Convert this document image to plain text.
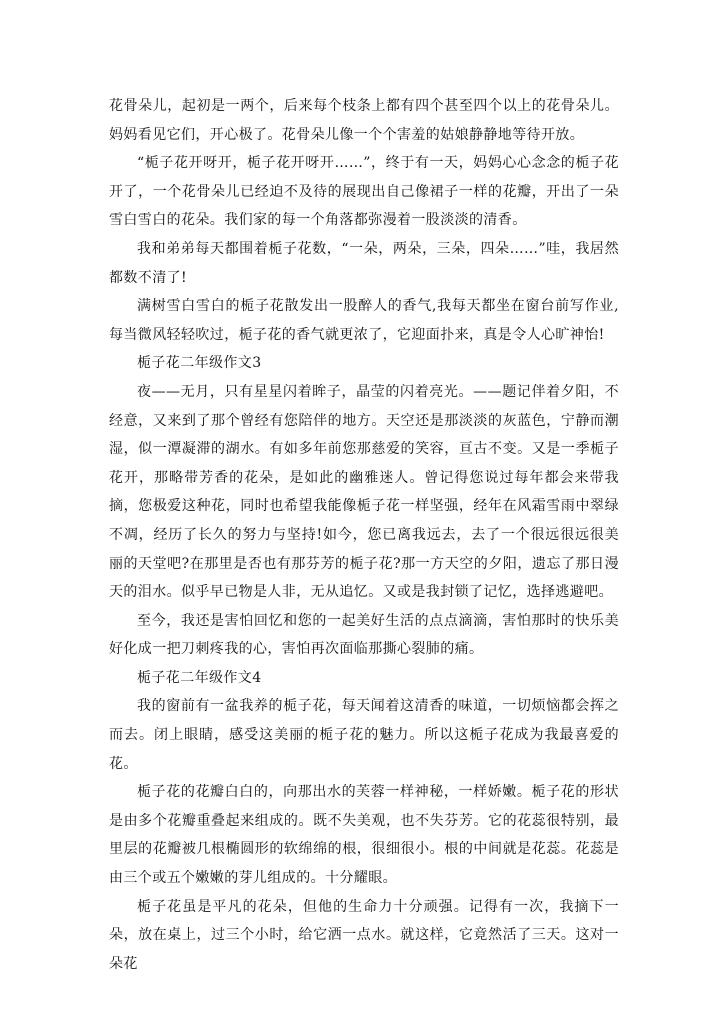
花骨朵儿，起初是一两个，后来每个枝条上都有四个甚至四个以上的花骨朵儿。妈妈看见它们，开心极了。花骨朵儿像一个个害羞的姑娘静静地等待开放。

“栀子花开呀开，栀子花开呀开……”，终于有一天，妈妈心心念念的栀子花开了，一个花骨朵儿已经迫不及待的展现出自己像裙子一样的花瓣，开出了一朵雪白雪白的花朵。我们家的每一个角落都弥漫着一股淡淡的清香。

我和弟弟每天都围着栀子花数，“一朵，两朵，三朵，四朵……”哇，我居然都数不清了!

满树雪白雪白的栀子花散发出一股醉人的香气,我每天都坐在窗台前写作业,每当微风轻轻吹过，栀子花的香气就更浓了，它迎面扑来，真是令人心旷神怡!

栀子花二年级作文3

夜——无月，只有星星闪着眸子，晶莹的闪着亮光。——题记伴着夕阳，不经意，又来到了那个曾经有您陪伴的地方。天空还是那淡淡的灰蓝色，宁静而潮湿，似一潭凝滞的湖水。有如多年前您那慈爱的笑容，亘古不变。又是一季栀子花开，那略带芳香的花朵，是如此的幽雅迷人。曾记得您说过每年都会来带我摘，您极爱这种花，同时也希望我能像栀子花一样坚强，经年在风霜雪雨中翠绿不凋，经历了长久的努力与坚持!如今，您已离我远去，去了一个很远很远很美丽的天堂吧?在那里是否也有那芬芳的栀子花?那一方天空的夕阳，遗忘了那日漫天的泪水。似乎早已物是人非，无从追忆。又或是我封锁了记忆，选择逃避吧。

至今，我还是害怕回忆和您的一起美好生活的点点滴滴，害怕那时的快乐美好化成一把刀刺疼我的心，害怕再次面临那撕心裂肺的痛。

栀子花二年级作文4

我的窗前有一盆我养的栀子花，每天闻着这清香的味道，一切烦恼都会挥之而去。闭上眼睛，感受这美丽的栀子花的魅力。所以这栀子花成为我最喜爱的花。

栀子花的花瓣白白的，向那出水的芙蓉一样神秘，一样娇嫩。栀子花的形状是由多个花瓣重叠起来组成的。既不失美观，也不失芬芳。它的花蕊很特别，最里层的花瓣被几根椭圆形的软绵绵的根，很细很小。根的中间就是花蕊。花蕊是由三个或五个嫩嫩的芽儿组成的。十分耀眼。

栀子花虽是平凡的花朵，但他的生命力十分顽强。记得有一次，我摘下一朵，放在桌上，过三个小时，给它洒一点水。就这样，它竟然活了三天。这对一朵花
